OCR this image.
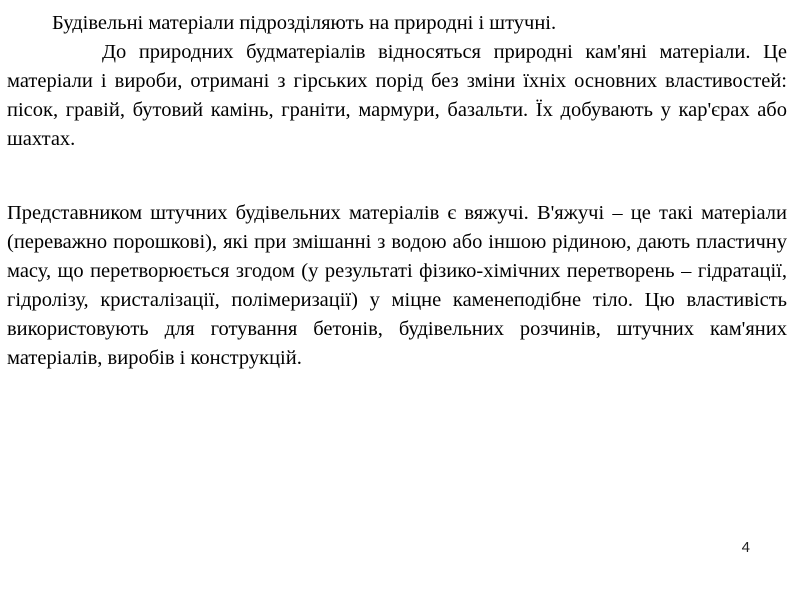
Будівельні матеріали підрозділяють на природні і штучні.
До природних будматеріалів відносяться природні кам'яні матеріали. Це матеріали і вироби, отримані з гірських порід без зміни їхніх основних властивостей: пісок, гравій, бутовий камінь, граніти, мармури, базальти. Їх добувають у кар'єрах або шахтах.
Представником штучних будівельних матеріалів є вяжучі. В'яжучі – це такі матеріали (переважно порошкові), які при змішанні з водою або іншою рідиною, дають пластичну масу, що перетворюється згодом (у результаті фізико-хімічних перетворень – гідратації, гідролізу, кристалізації, полімеризації) у міцне каменеподібне тіло. Цю властивість використовують для готування бетонів, будівельних розчинів, штучних кам'яних матеріалів, виробів і конструкцій.
4
